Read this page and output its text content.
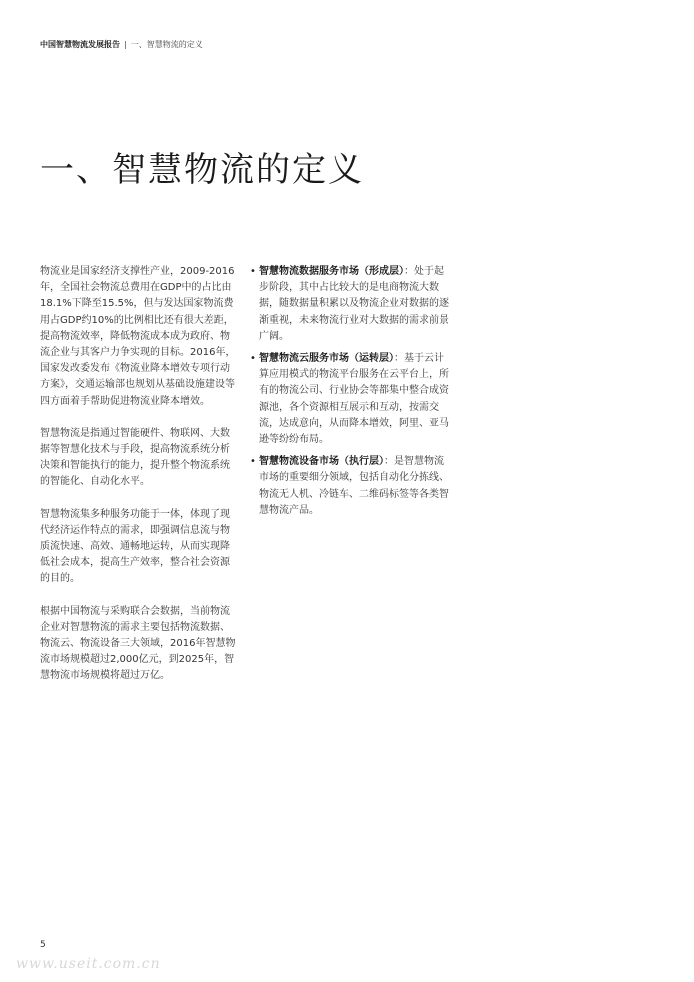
中国智慧物流发展报告 | 一、智慧物流的定义
一、智慧物流的定义

物流业是国家经济支撑性产业，2009-2016年，全国社会物流总费用在GDP中的占比由18.1%下降至15.5%，但与发达国家物流费用占GDP约10%的比例相比还有很大差距，提高物流效率，降低物流成本成为政府、物流企业与其客户力争实现的目标。2016年，国家发改委发布《物流业降本增效专项行动方案》，交通运输部也规划从基础设施建设等四方面着手帮助促进物流业降本增效。

智慧物流是指通过智能硬件、物联网、大数据等智慧化技术与手段，提高物流系统分析决策和智能执行的能力，提升整个物流系统的智能化、自动化水平。

智慧物流集多种服务功能于一体，体现了现代经济运作特点的需求，即强调信息流与物质流快速、高效、通畅地运转，从而实现降低社会成本，提高生产效率，整合社会资源的目的。

根据中国物流与采购联合会数据，当前物流企业对智慧物流的需求主要包括物流数据、物流云、物流设备三大领域，2016年智慧物流市场规模超过2,000亿元，到2025年，智慧物流市场规模将超过万亿。

• 智慧物流数据服务市场（形成层）：处于起步阶段，其中占比较大的是电商物流大数据，随数据量积累以及物流企业对数据的逐渐重视，未来物流行业对大数据的需求前景广阔。
• 智慧物流云服务市场（运转层）：基于云计算应用模式的物流平台服务在云平台上，所有的物流公司、行业协会等都集中整合成资源池，各个资源相互展示和互动，按需交流，达成意向，从而降本增效，阿里、亚马逊等纷纷布局。
• 智慧物流设备市场（执行层）：是智慧物流市场的重要细分领域，包括自动化分拣线、物流无人机、冷链车、二维码标签等各类智慧物流产品。
5
www.useit.com.cn
